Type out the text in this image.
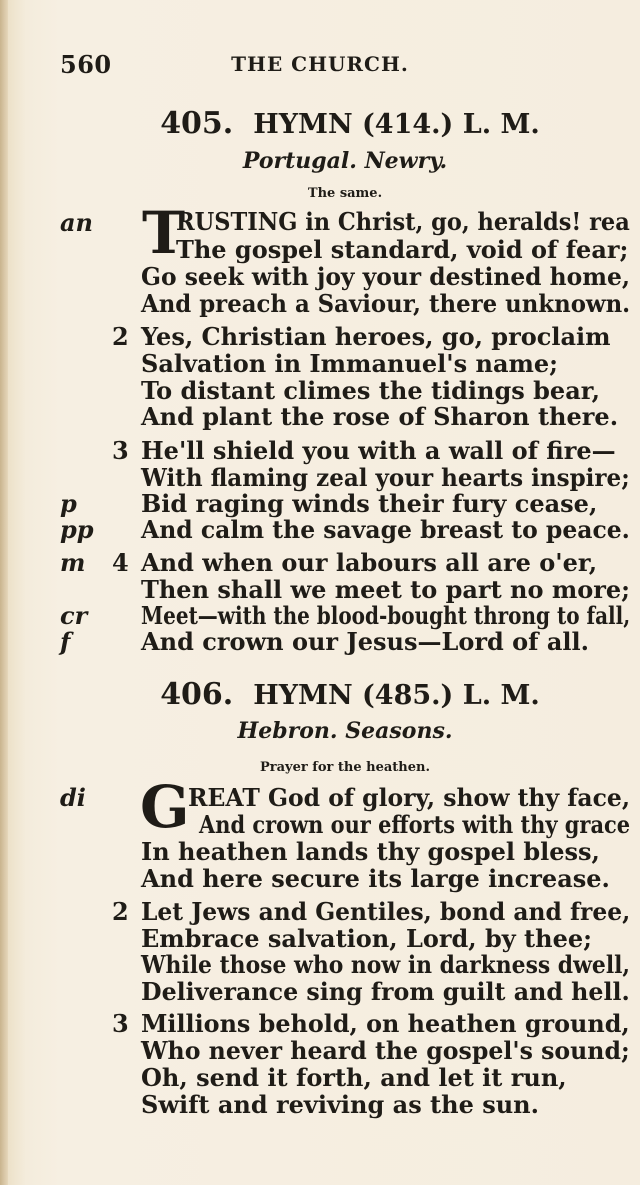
560	THE CHURCH.
405. HYMN (414.) L. M.
Portugal. Newry.
The same.
an T
RUSTING in Christ, go, heralds! rea
The gospel standard, void of fear;
Go seek with joy your destined home,
And preach a Saviour, there unknown.
2 Yes, Christian heroes, go, proclaim
Salvation in Immanuel's name;
To distant climes the tidings bear,
And plant the rose of Sharon there.
3 He'll shield you with a wall of fire—
With flaming zeal your hearts inspire;
p	Bid raging winds their fury cease,
pp And calm the savage breast to peace.
m 4 And when our labours all are o'er,
Then shall we meet to part no more;
cr Meet—with the blood-bought throng to fall,
f	And crown our Jesus—Lord of all.
406. HYMN (485.) L. M.
Hebron. Seasons.
Prayer for the heathen.
di G
REAT God of glory, show thy face,
And crown our efforts with thy grace
In heathen lands thy gospel bless,
And here secure its large increase.
2 Let Jews and Gentiles, bond and free,
Embrace salvation, Lord, by thee;
While those who now in darkness dwell,
Deliverance sing from guilt and hell.
3 Millions behold, on heathen ground,
Who never heard the gospel's sound;
Oh, send it forth, and let it run,
Swift and reviving as the sun.
